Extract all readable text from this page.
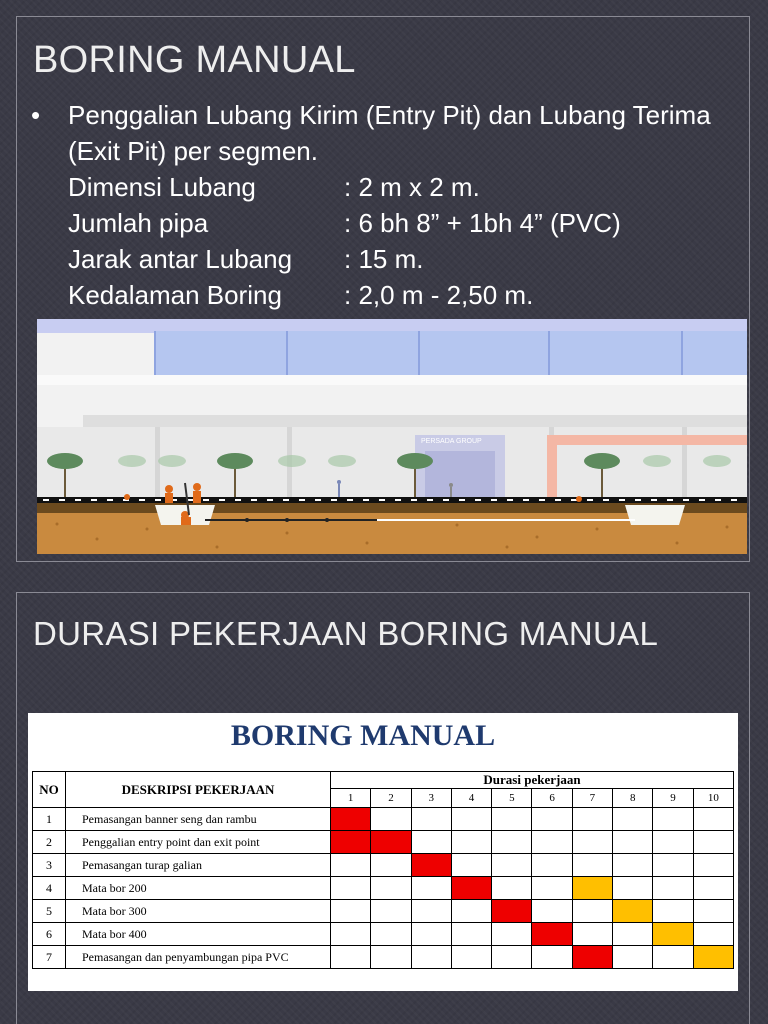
BORING MANUAL
• Penggalian Lubang Kirim (Entry Pit) dan Lubang Terima (Exit Pit) per segmen.
Dimensi Lubang	: 2 m x 2 m.
Jumlah pipa	: 6 bh 8” + 1bh 4” (PVC)
Jarak antar Lubang	: 15 m.
Kedalaman Boring	: 2,0 m - 2,50 m.
PERSADA GROUP
DURASI PEKERJAAN BORING MANUAL
BORING MANUAL
NO	DESKRIPSI PEKERJAAN	Durasi pekerjaan									
		1	2	3	4	5	6	7	8	9	10
1	Pemasangan banner seng dan rambu										
2	Penggalian entry point dan exit point										
3	Pemasangan turap galian										
4	Mata bor 200										
5	Mata bor 300										
6	Mata bor 400										
7	Pemasangan dan penyambungan pipa PVC										
